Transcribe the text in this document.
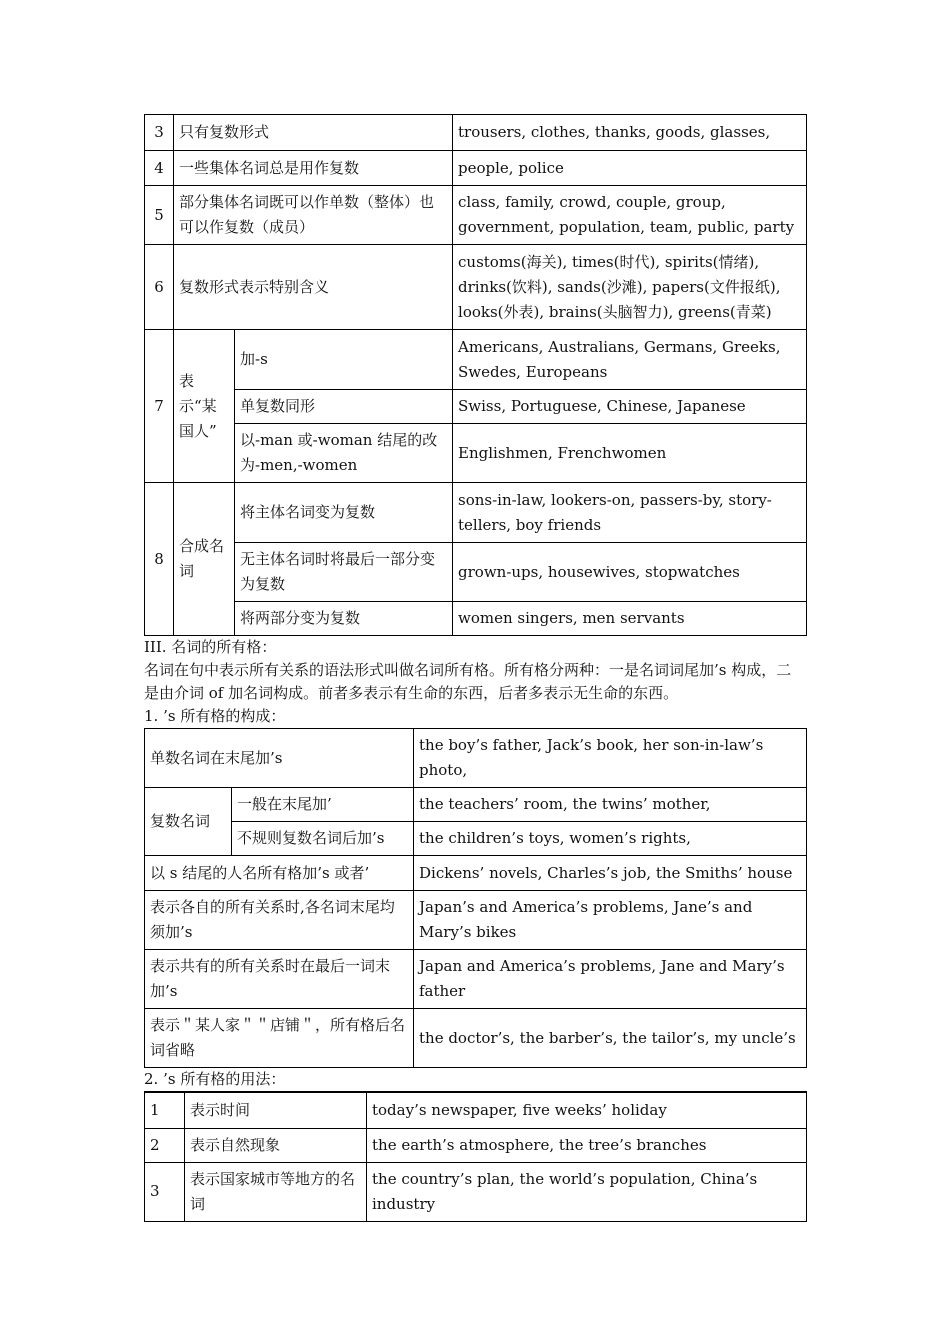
3	只有复数形式		trousers, clothes, thanks, goods, glasses,
4	一些集体名词总是用作复数		people, police
5	部分集体名词既可以作单数（整体）也可以作复数（成员）		class, family, crowd, couple, group, government, population, team, public, party
6	复数形式表示特别含义		customs(海关), times(时代), spirits(情绪), drinks(饮料), sands(沙滩), papers(文件报纸), looks(外表), brains(头脑智力), greens(青菜)
7	表示“某国人”	加-s	Americans, Australians, Germans, Greeks, Swedes, Europeans
		单复数同形	Swiss, Portuguese, Chinese, Japanese
		以-man 或-woman 结尾的改为-men,-women	Englishmen, Frenchwomen
8	合成名词	将主体名词变为复数	sons-in-law, lookers-on, passers-by, story-tellers, boy friends
		无主体名词时将最后一部分变为复数	grown-ups, housewives, stopwatches
		将两部分变为复数	women singers, men servants

III. 名词的所有格：

名词在句中表示所有关系的语法形式叫做名词所有格。所有格分两种：一是名词词尾加’s 构成，二是由介词 of 加名词构成。前者多表示有生命的东西，后者多表示无生命的东西。

1. ’s 所有格的构成：

单数名词在末尾加’s		the boy’s father, Jack’s book, her son-in-law’s photo,
复数名词	一般在末尾加’	the teachers’ room, the twins’ mother,
	不规则复数名词后加’s	the children’s toys, women’s rights,
以 s 结尾的人名所有格加’s 或者’		Dickens’ novels, Charles’s job, the Smiths’ house
表示各自的所有关系时,各名词末尾均须加’s		Japan’s and America’s problems, Jane’s and Mary’s bikes
表示共有的所有关系时在最后一词末加’s		Japan and America’s problems, Jane and Mary’s father
表示＂某人家＂＂店铺＂，所有格后名词省略		the doctor’s, the barber’s, the tailor’s, my uncle’s

2. ’s 所有格的用法：

1	表示时间	today’s newspaper, five weeks’ holiday
2	表示自然现象	the earth’s atmosphere, the tree’s branches
3	表示国家城市等地方的名词	the country’s plan, the world’s population, China’s industry
